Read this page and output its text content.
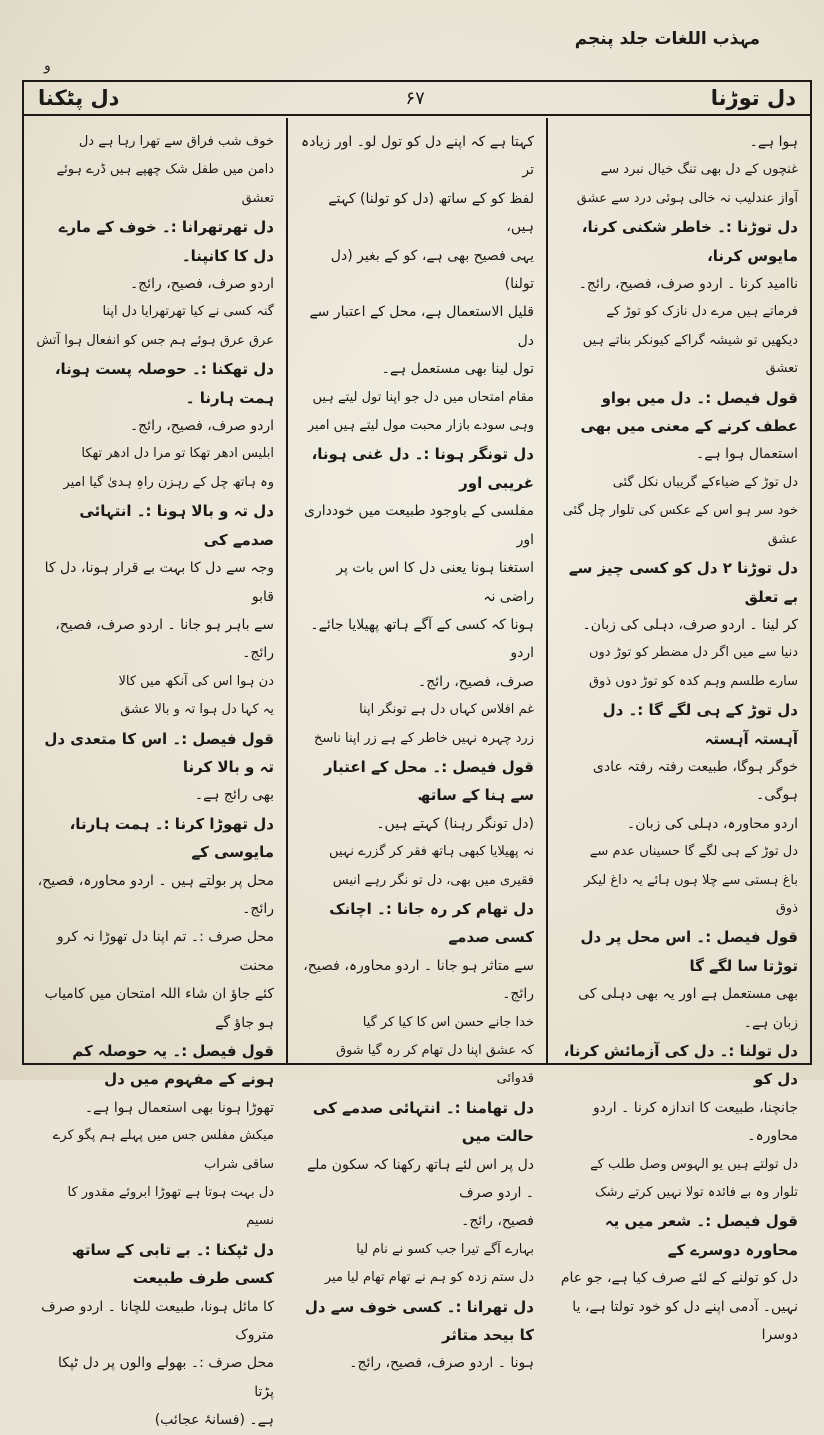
مہذب اللغات جلد پنجم
و
دل توڑنا
۶۷
دل پٹکنا

ہوا ہے۔

غنچوں کے دل بھی تنگ خیال نبرد سے

آواز عندلیب نہ خالی ہوئی درد سے عشق

دل توڑنا :۔ خاطر شکنی کرنا، مایوس کرنا،

ناامید کرنا ۔ اردو صرف، فصیح، رائج۔

فرماتے ہیں مرے دل نازک کو توڑ کے

دیکھیں تو شیشہ گراکے کیونکر بناتے ہیں تعشق

قول فیصل :۔ دل میں بواو عطف کرنے کے معنی میں بھی

استعمال ہوا ہے۔

دل توڑ کے ضیاءکے گریباں نکل گئی

خود سر ہو اس کے عکس کی تلوار چل گئی عشق

دل توڑنا ٢ دل کو کسی چیز سے بے تعلق

کر لینا ۔ اردو صرف، دہلی کی زبان۔

دنیا سے میں اگر دل مضطر کو توڑ دوں

سارے طلسم وہم کدہ کو توڑ دوں ذوق

دل توڑ کے ہی لگے گا :۔ دل آہستہ آہستہ

خوگر ہوگا، طبیعت رفتہ رفتہ عادی ہوگی۔

اردو محاورہ، دہلی کی زبان۔

دل توڑ کے ہی لگے گا حسیناں عدم سے

باغ ہستی سے چلا ہوں ہائے یہ داغ لیکر ذوق

قول فیصل :۔ اس محل پر دل توڑتا سا لگے گا

بھی مستعمل ہے اور یہ بھی دہلی کی زبان ہے۔

دل تولنا :۔ دل کی آزمائش کرنا، دل کو

جانچنا، طبیعت کا اندازہ کرنا ۔ اردو محاورہ۔

دل تولتے ہیں یو الہوس وصل طلب کے

تلوار وہ بے فائدہ تولا نہیں کرتے رشک

قول فیصل :۔ شعر میں یہ محاورہ دوسرے کے

دل کو تولنے کے لئے صرف کیا ہے، جو عام

نہیں۔ آدمی اپنے دل کو خود تولتا ہے، یا دوسرا

کہتا ہے کہ اپنے دل کو تول لو۔ اور زیادہ تر

لفظ کو کے ساتھ (دل کو تولنا) کہتے ہیں،

یہی فصیح بھی ہے، کو کے بغیر (دل تولنا)

قلیل الاستعمال ہے، محل کے اعتبار سے دل

تول لینا بھی مستعمل ہے۔

مقام امتحاں میں دل جو اپنا تول لیتے ہیں

وہی سودے بازار محبت مول لیتے ہیں امیر

دل تونگر ہونا :۔ دل غنی ہونا، غریبی اور

مفلسی کے باوجود طبیعت میں خودداری اور

استغنا ہونا یعنی دل کا اس بات پر راضی نہ

ہونا کہ کسی کے آگے ہاتھ پھیلایا جائے۔ اردو

صرف، فصیح، رائج۔

غم افلاس کہاں دل ہے تونگر اپنا

زرد چہرہ نہیں خاطر کے ہے زر اپنا ناسخ

قول فیصل :۔ محل کے اعتبار سے ہنا کے ساتھ

(دل تونگر رہنا) کہتے ہیں۔

نہ پھیلایا کبھی ہاتھ فقر کر گزرے نہیں

فقیری میں بھی، دل تو نگر رہے انیس

دل تھام کر رہ جانا :۔ اچانک کسی صدمے

سے متاثر ہو جانا ۔ اردو محاورہ، فصیح، رائج۔

خدا جانے حسن اس کا کیا کر گیا

کہ عشق اپنا دل تھام کر رہ گیا شوق قدوائی

دل تھامنا :۔ انتہائی صدمے کی حالت میں

دل پر اس لئے ہاتھ رکھنا کہ سکون ملے ۔ اردو صرف

فصیح، رائج۔

بہارے آگے تیرا جب کسو نے نام لیا

دل ستم زدہ کو ہم نے تھام تھام لیا میر

دل تھرانا :۔ کسی خوف سے دل کا بیحد متاثر

ہونا ۔ اردو صرف، فصیح، رائج۔

خوف شب فراق سے تھرا رہا ہے دل

دامن میں طفل شک چھپے ہیں ڈرے ہوئے تعشق

دل تھرتھرانا :۔ خوف کے مارے دل کا کانپنا۔

اردو صرف، فصیح، رائج۔

گنہ کسی نے کیا تھرتھرایا دل اپنا

عرق عرق ہوئے ہم جس کو انفعال ہوا آتش

دل تھکنا :۔ حوصلہ پست ہونا، ہمت ہارنا ۔

اردو صرف، فصیح، رائج۔

ابلیس ادھر تھکا تو مرا دل ادھر تھکا

وہ ہاتھ چل کے رہزن راہِ ہدیٰ گیا امیر

دل تہ و بالا ہونا :۔ انتہائی صدمے کی

وجہ سے دل کا بہت بے قرار ہونا، دل کا قابو

سے باہر ہو جانا ۔ اردو صرف، فصیح، رائج۔

دن ہوا اس کی آنکھ میں کالا

یہ کہا دل ہوا تہ و بالا عشق

قول فیصل :۔ اس کا متعدی دل تہ و بالا کرنا

بھی رائج ہے۔

دل تھوڑا کرنا :۔ ہمت ہارنا، مایوسی کے

محل پر بولتے ہیں ۔ اردو محاورہ، فصیح، رائج۔

محل صرف :۔ تم اپنا دل تھوڑا نہ کرو محنت

کئے جاؤ ان شاء اللہ امتحان میں کامیاب ہو جاؤ گے

قول فیصل :۔ یہ حوصلہ کم ہونے کے مفہوم میں دل

تھوڑا ہونا بھی استعمال ہوا ہے۔

میکش مفلس جس میں پہلے ہم پگو کرے ساقی شراب

دل بہت ہوتا ہے تھوڑا ابروئے مقدور کا نسیم

دل ٹپکنا :۔ بے تابی کے ساتھ کسی طرف طبیعت

کا مائل ہونا، طبیعت للچانا ۔ اردو صرف متروک

محل صرف :۔ بھولے والوں پر دل ٹپکا پڑتا

ہے۔ (فسانۂ عجائب)
